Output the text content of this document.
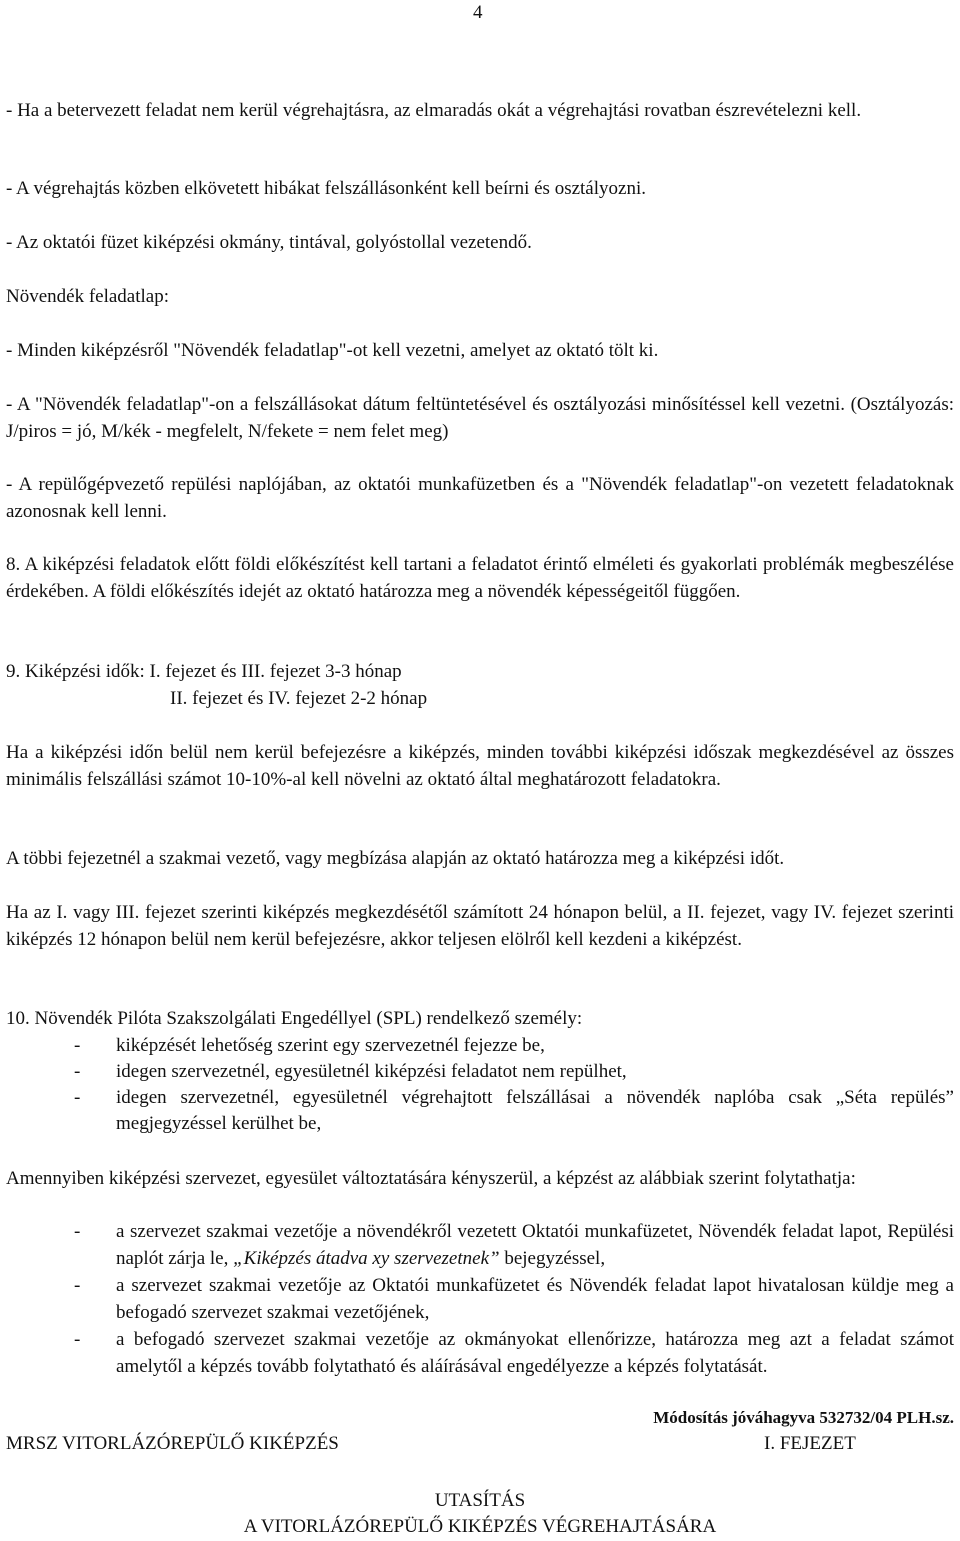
4
- Ha a betervezett feladat nem kerül végrehajtásra, az elmaradás okát a végrehajtási rovatban észrevételezni kell.
- A végrehajtás közben elkövetett hibákat felszállásonként kell beírni és osztályozni.
- Az oktatói füzet kiképzési okmány, tintával, golyóstollal vezetendő.
Növendék feladatlap:
- Minden kiképzésről "Növendék feladatlap"-ot kell vezetni, amelyet az oktató tölt ki.
- A "Növendék feladatlap"-on a felszállásokat dátum feltüntetésével és osztályozási minősítéssel kell vezetni. (Osztályozás: J/piros = jó, M/kék - megfelelt, N/fekete = nem felet meg)
- A repülőgépvezető repülési naplójában, az oktatói munkafüzetben és a "Növendék feladatlap"-on vezetett feladatoknak azonosnak kell lenni.
8. A kiképzési feladatok előtt földi előkészítést kell tartani a feladatot érintő elméleti és gyakorlati problémák megbeszélése érdekében. A földi előkészítés idejét az oktató határozza meg a növendék képességeitől függően.
9. Kiképzési idők: I. fejezet és III. fejezet 3-3 hónap
II. fejezet és IV. fejezet 2-2 hónap
Ha a kiképzési időn belül nem kerül befejezésre a kiképzés, minden további kiképzési időszak megkezdésével az összes minimális felszállási számot 10-10%-al kell növelni az oktató által meghatározott feladatokra.
A többi fejezetnél a szakmai vezető, vagy megbízása alapján az oktató határozza meg a kiképzési időt.
Ha az I. vagy III. fejezet szerinti kiképzés megkezdésétől számított 24 hónapon belül, a II. fejezet, vagy IV. fejezet szerinti kiképzés 12 hónapon belül nem kerül befejezésre, akkor teljesen elölről kell kezdeni a kiképzést.
10. Növendék Pilóta Szakszolgálati Engedéllyel (SPL) rendelkező személy:
- kiképzését lehetőség szerint egy szervezetnél fejezze be,
- idegen szervezetnél, egyesületnél kiképzési feladatot nem repülhet,
- idegen szervezetnél, egyesületnél végrehajtott felszállásai a növendék naplóba csak „Séta repülés” megjegyzéssel kerülhet be,
Amennyiben kiképzési szervezet, egyesület változtatására kényszerül, a képzést az alábbiak szerint folytathatja:
- a szervezet szakmai vezetője a növendékről vezetett Oktatói munkafüzetet, Növendék feladat lapot, Repülési naplót zárja le, „Kiképzés átadva xy szervezetnek” bejegyzéssel,
- a szervezet szakmai vezetője az Oktatói munkafüzetet és Növendék feladat lapot hivatalosan küldje meg a befogadó szervezet szakmai vezetőjének,
- a befogadó szervezet szakmai vezetője az okmányokat ellenőrizze, határozza meg azt a feladat számot amelytől a képzés tovább folytatható és aláírásával engedélyezze a képzés folytatását.
Módosítás jóváhagyva 532732/04 PLH.sz.
MRSZ VITORLÁZÓREPÜLŐ KIKÉPZÉS	I. FEJEZET
UTASÍTÁS
A VITORLÁZÓREPÜLŐ KIKÉPZÉS VÉGREHAJTÁSÁRA
